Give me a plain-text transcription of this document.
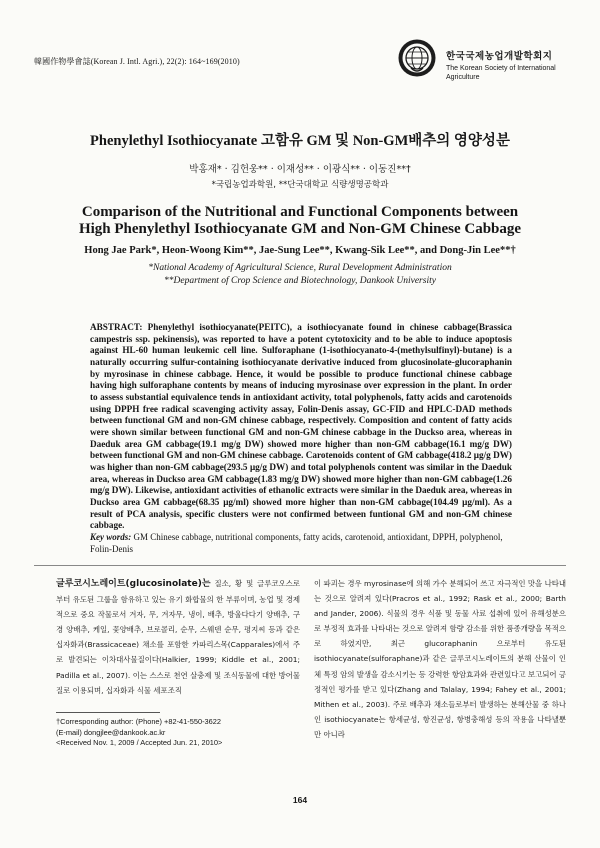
韓國作物學會誌(Korean J. Intl. Agri.), 22(2): 164~169(2010)	한국국제농업개발학회지
The Korean Society of International
Agriculture
Phenylethyl Isothiocyanate 고함유 GM 및 Non-GM배추의 영양성분
박홍재* · 김헌웅** · 이재성** · 이광식** · 이동진**†
*국립농업과학원, **단국대학교 식량생명공학과
Comparison of the Nutritional and Functional Components between
High Phenylethyl Isothiocyanate GM and Non-GM Chinese Cabbage
Hong Jae Park*, Heon-Woong Kim**, Jae-Sung Lee**, Kwang-Sik Lee**, and Dong-Jin Lee**†
*National Academy of Agricultural Science, Rural Development Administration
**Department of Crop Science and Biotechnology, Dankook University
ABSTRACT: Phenylethyl isothiocyanate(PEITC), a isothiocyanate found in chinese cabbage(Brassica campestris ssp. pekinensis), was reported to have a potent cytotoxicity and to be able to induce apoptosis against HL-60 human leukemic cell line. Sulforaphane (1-isothiocyanato-4-(methylsulfinyl)-butane) is a naturally occurring sulfur-containing isothiocyanate derivative induced from glucosinolate-glucoraphanin by myrosinase in chinese cabbage. Hence, it would be possible to produce functional chinese cabbage having high sulforaphane contents by means of inducing myrosinase over expression in the plant. In order to assess substantial equivalence tends in antioxidant activity, total polyphenols, fatty acids and carotenoids using DPPH free radical scavenging activity assay, Folin-Denis assay, GC-FID and HPLC-DAD methods between functional GM and non-GM chinese cabbage, respectively. Composition and content of fatty acids were shown similar between functional GM and non-GM chinese cabbage in the Duckso area, whereas in Daeduk area GM cabbage(19.1 mg/g DW) showed more higher than non-GM cabbage(16.1 mg/g DW) between functional GM and non-GM chinese cabbage. Carotenoids content of GM cabbage(418.2 μg/g DW) was higher than non-GM cabbage(293.5 μg/g DW) and total polyphenols content was similar in the Daeduk area, whereas in Duckso area GM cabbage(1.83 mg/g DW) showed more higher than non-GM cabbage(1.26 mg/g DW). Likewise, antioxidant activities of ethanolic extracts were similar in the Daeduk area, whereas in Duckso area GM cabbage(68.35 μg/ml) showed more higher than non-GM cabbage(104.49 μg/ml). As a result of PCA analysis, specific clusters were not confirmed between funtional GM and non-GM chinese cabbage.
Key words: GM Chinese cabbage, nutritional components, fatty acids, carotenoid, antioxidant, DPPH, polyphenol, Folin-Denis
글루코시노레이트(glucosinolate)는 질소, 황 및 글루코오스로부터 유도된 그룹을 함유하고 있는 유기 화합물의 한 부류이며, 농업 및 경제적으로 중요 작물로서 겨자, 무, 겨자무, 냉이, 배추, 방울다다기 양배추, 구경 양배추, 케일, 꽃양배추, 브로콜리, 순무, 스웨덴 순무, 평지씨 등과 같은 십자화과(Brassicaceae) 채소를 포함한 카파리스목(Capparales)에서 주로 발견되는 이차대사물질이다(Halkier, 1999; Kiddle et al., 2001; Padilla et al., 2007). 이는 스스로 천연 살충제 및 조식동물에 대한 방어물질로 이용되며, 십자화과 식물 세포조직
†Corresponding author: (Phone) +82-41-550-3622
(E-mail) dongjlee@dankook.ac.kr
<Received Nov. 1, 2009 / Accepted Jun. 21, 2010>
이 파괴는 경우 myrosinase에 의해 가수 분해되어 쓰고 자극적인 맛을 나타내는 것으로 알려져 있다(Pracros et al., 1992; Rask et al., 2000; Barth and Jander, 2006). 식물의 경우 식품 및 동물 사료 섭취에 있어 유해성분으로 부정적 효과를 나타내는 것으로 알려져 함량 감소를 위한 품종개량을 목적으로 하였지만, 최근 glucoraphanin 으로부터 유도된 isothiocyanate(sulforaphane)과 같은 글루코시노레이트의 분해 산물이 인체 특정 암의 발생을 감소시키는 등 강력한 항암효과와 관련있다고 보고되어 긍정적인 평가를 받고 있다(Zhang and Talalay, 1994; Fahey et al., 2001; Mithen et al., 2003). 주로 배추과 채소들로부터 발생하는 분해산물 중 하나인 isothiocyanate는 항세균성, 항진균성, 항병충해성 등의 작용을 나타낼뿐만 아니라
164
